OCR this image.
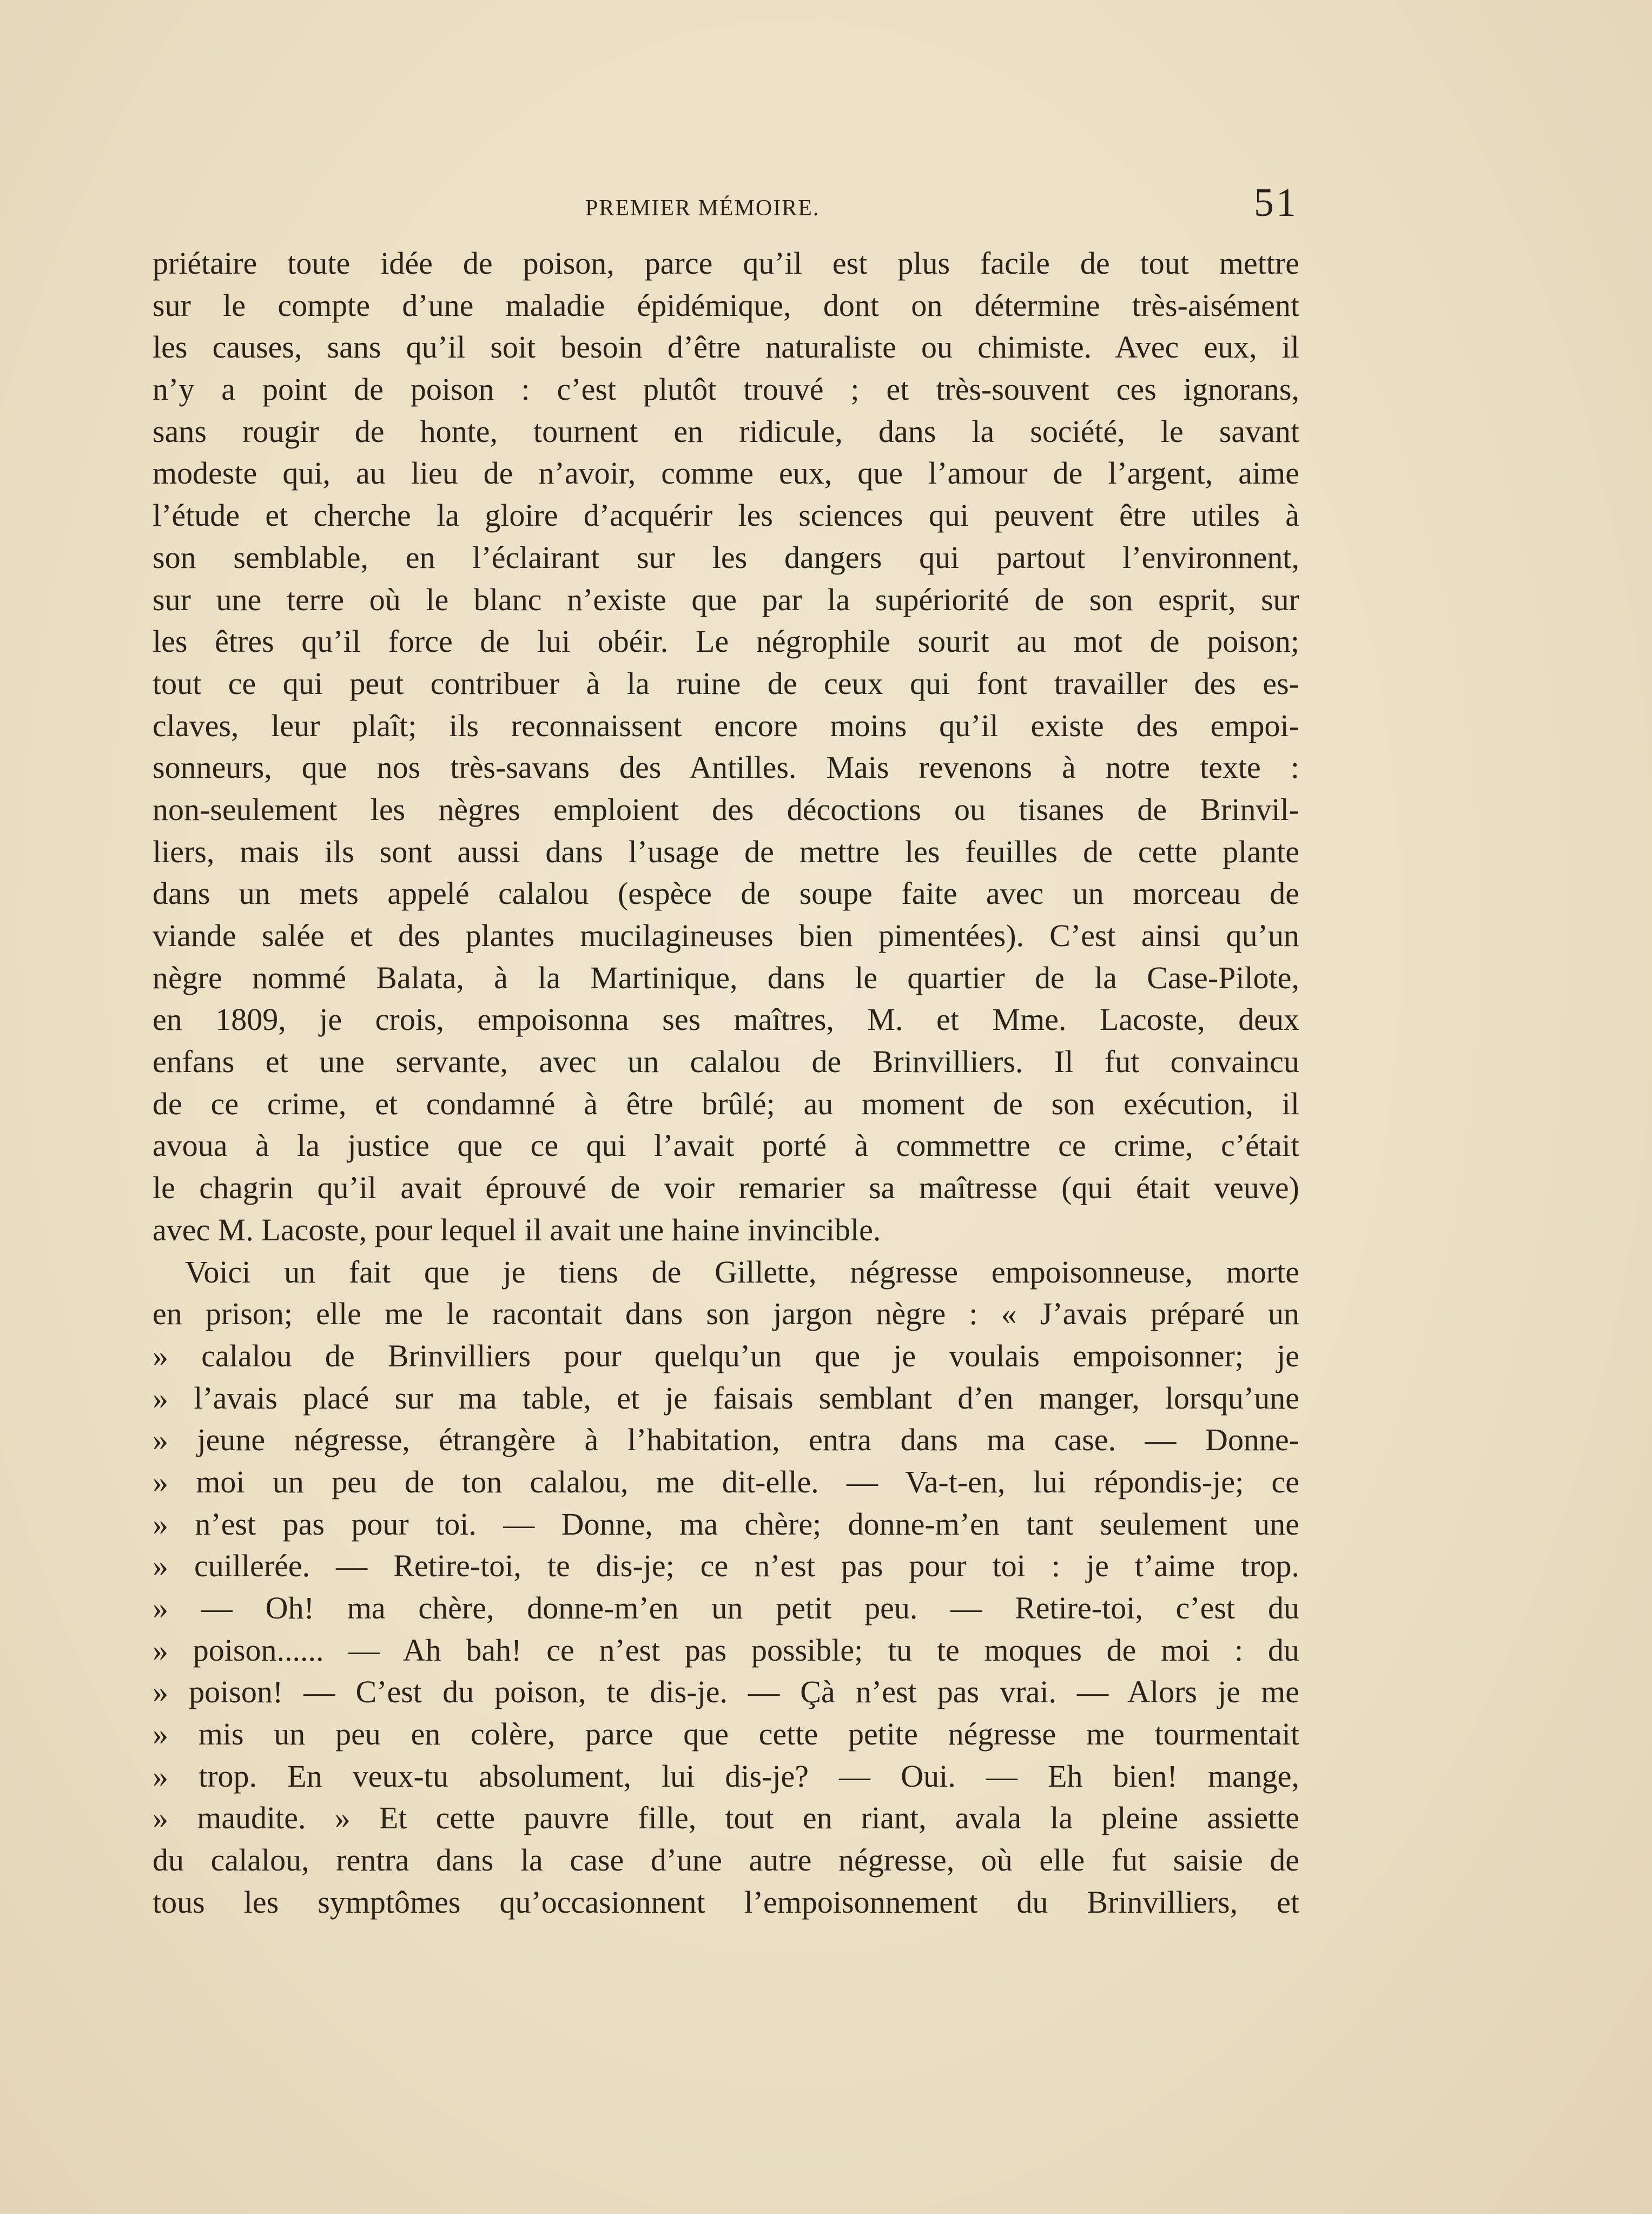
PREMIER MÉMOIRE.	51
priétaire toute idée de poison, parce qu’il est plus facile de tout mettre
sur le compte d’une maladie épidémique, dont on détermine très-aisément
les causes, sans qu’il soit besoin d’être naturaliste ou chimiste. Avec eux, il
n’y a point de poison : c’est plutôt trouvé ; et très-souvent ces ignorans,
sans rougir de honte, tournent en ridicule, dans la société, le savant
modeste qui, au lieu de n’avoir, comme eux, que l’amour de l’argent, aime
l’étude et cherche la gloire d’acquérir les sciences qui peuvent être utiles à
son semblable, en l’éclairant sur les dangers qui partout l’environnent,
sur une terre où le blanc n’existe que par la supériorité de son esprit, sur
les êtres qu’il force de lui obéir. Le négrophile sourit au mot de poison;
tout ce qui peut contribuer à la ruine de ceux qui font travailler des es-
claves, leur plaît; ils reconnaissent encore moins qu’il existe des empoi-
sonneurs, que nos très-savans des Antilles. Mais revenons à notre texte :
non-seulement les nègres emploient des décoctions ou tisanes de Brinvil-
liers, mais ils sont aussi dans l’usage de mettre les feuilles de cette plante
dans un mets appelé calalou (espèce de soupe faite avec un morceau de
viande salée et des plantes mucilagineuses bien pimentées). C’est ainsi qu’un
nègre nommé Balata, à la Martinique, dans le quartier de la Case-Pilote,
en 1809, je crois, empoisonna ses maîtres, M. et Mme. Lacoste, deux
enfans et une servante, avec un calalou de Brinvilliers. Il fut convaincu
de ce crime, et condamné à être brûlé; au moment de son exécution, il
avoua à la justice que ce qui l’avait porté à commettre ce crime, c’était
le chagrin qu’il avait éprouvé de voir remarier sa maîtresse (qui était veuve)
avec M. Lacoste, pour lequel il avait une haine invincible.
Voici un fait que je tiens de Gillette, négresse empoisonneuse, morte
en prison; elle me le racontait dans son jargon nègre : « J’avais préparé un
» calalou de Brinvilliers pour quelqu’un que je voulais empoisonner; je
» l’avais placé sur ma table, et je faisais semblant d’en manger, lorsqu’une
» jeune négresse, étrangère à l’habitation, entra dans ma case. — Donne-
» moi un peu de ton calalou, me dit-elle. — Va-t-en, lui répondis-je; ce
» n’est pas pour toi. — Donne, ma chère; donne-m’en tant seulement une
» cuillerée. — Retire-toi, te dis-je; ce n’est pas pour toi : je t’aime trop.
» — Oh! ma chère, donne-m’en un petit peu. — Retire-toi, c’est du
» poison...... — Ah bah! ce n’est pas possible; tu te moques de moi : du
» poison! — C’est du poison, te dis-je. — Çà n’est pas vrai. — Alors je me
» mis un peu en colère, parce que cette petite négresse me tourmentait
» trop. En veux-tu absolument, lui dis-je? — Oui. — Eh bien! mange,
» maudite. » Et cette pauvre fille, tout en riant, avala la pleine assiette
du calalou, rentra dans la case d’une autre négresse, où elle fut saisie de
tous les symptômes qu’occasionnent l’empoisonnement du Brinvilliers, et
